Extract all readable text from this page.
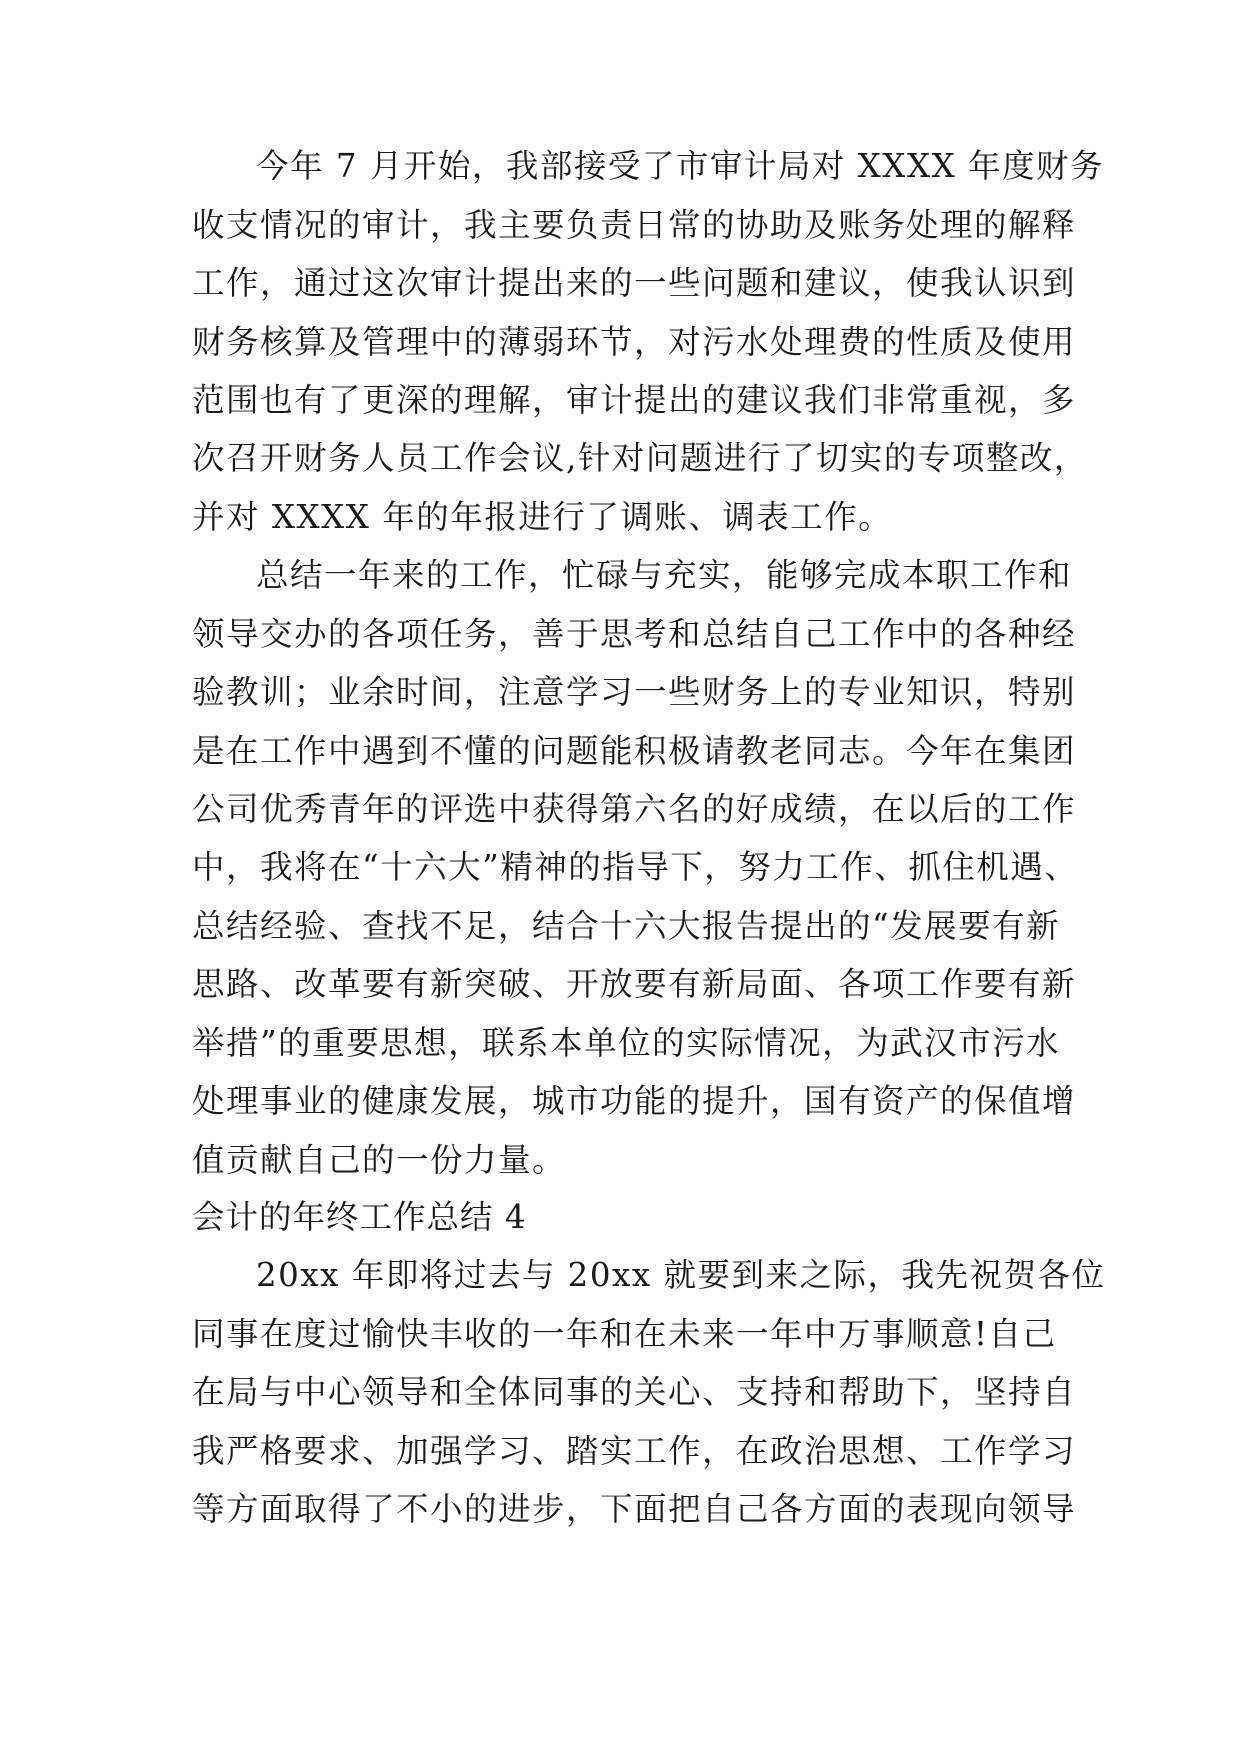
今年 7 月开始，我部接受了市审计局对 XXXX 年度财务
收支情况的审计，我主要负责日常的协助及账务处理的解释
工作，通过这次审计提出来的一些问题和建议，使我认识到
财务核算及管理中的薄弱环节，对污水处理费的性质及使用
范围也有了更深的理解，审计提出的建议我们非常重视，多
次召开财务人员工作会议,针对问题进行了切实的专项整改，
并对 XXXX 年的年报进行了调账、调表工作。
总结一年来的工作，忙碌与充实，能够完成本职工作和
领导交办的各项任务，善于思考和总结自己工作中的各种经
验教训；业余时间，注意学习一些财务上的专业知识，特别
是在工作中遇到不懂的问题能积极请教老同志。今年在集团
公司优秀青年的评选中获得第六名的好成绩，在以后的工作
中，我将在“十六大”精神的指导下，努力工作、抓住机遇、
总结经验、查找不足，结合十六大报告提出的“发展要有新
思路、改革要有新突破、开放要有新局面、各项工作要有新
举措”的重要思想，联系本单位的实际情况，为武汉市污水
处理事业的健康发展，城市功能的提升，国有资产的保值增
值贡献自己的一份力量。
会计的年终工作总结 4
20xx 年即将过去与 20xx 就要到来之际，我先祝贺各位
同事在度过愉快丰收的一年和在未来一年中万事顺意!自己
在局与中心领导和全体同事的关心、支持和帮助下，坚持自
我严格要求、加强学习、踏实工作，在政治思想、工作学习
等方面取得了不小的进步，下面把自己各方面的表现向领导
